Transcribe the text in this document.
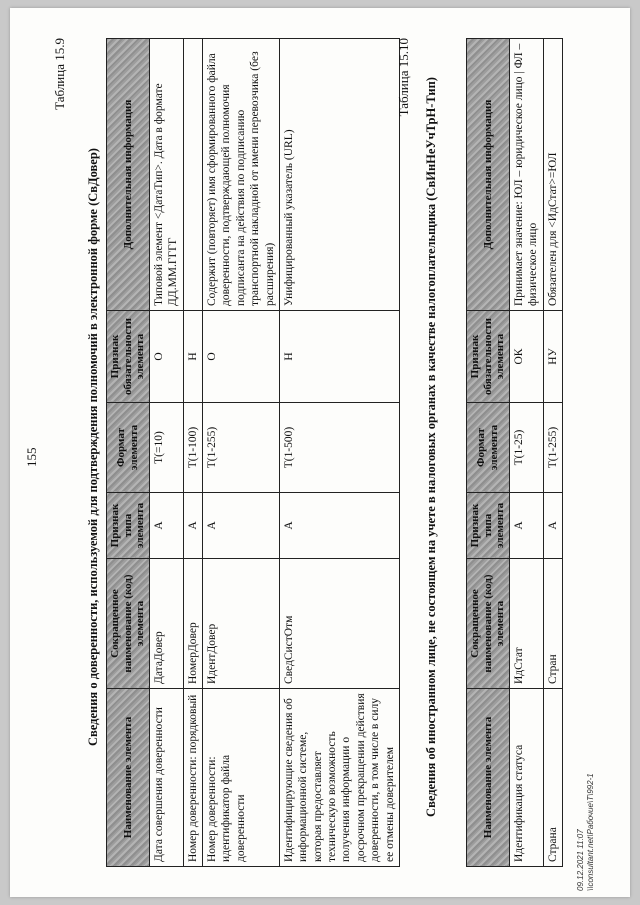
155
Таблица 15.9
Сведения о доверенности, используемой для подтверждения полномочий в электронной форме (СвДовер)
Наименование элемента	Сокращенное наименование (код) элемента	Признак типа элемента	Формат элемента	Признак обязательности элемента	Дополнительная информация
Дата совершения доверенности	ДатаДовер	А	Т(=10)	О	Типовой элемент <ДатаТип>. Дата в формате ДД.ММ.ГГГГ
Номер доверенности: порядковый	НомерДовер	А	Т(1-100)	Н	
Номер доверенности: идентификатор файла доверенности	ИдентДовер	А	Т(1-255)	О	Содержит (повторяет) имя сформированного файла доверенности, подтверждающей полномочия подписанта на действия по подписанию транспортной накладной от имени перевозчика (без расширения)
Идентифицирующие сведения об информационной системе, которая предоставляет техническую возможность получения информации о досрочном прекращении действия доверенности, в том числе в силу ее отмены доверителем	СведСистОтм	А	Т(1-500)	Н	Унифицированный указатель (URL)
Таблица 15.10 Сведения об иностранном лице, не состоящем на учете в налоговых органах в качестве налогоплательщика (СвИнНеУчТрН-Тип)	Наименование элемента	Сокращенное наименование (код) элемента	Признак типа элемента	Формат элемента	Признак обязательности элемента	Дополнительная информация
Идентификация статуса	ИдСтат	А	Т(1-25)	ОК	Принимает значение: ЮЛ – юридическое лицо | ФЛ – физическое лицо
Страна	Стран	А	Т(1-255)	НУ	Обязателен для <ИдСтат>=ЮЛ
09.12.2021 11:07 \\consultant.net\Рабочие\Т\992-1
